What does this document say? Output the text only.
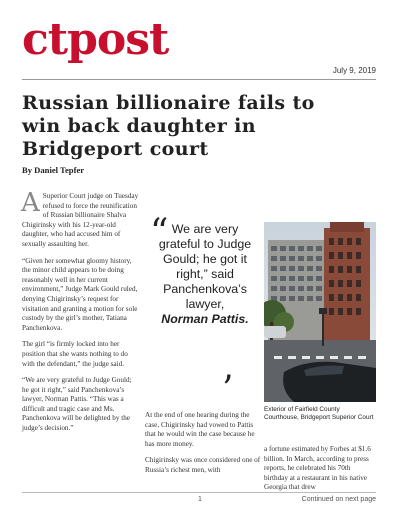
ctpost
July 9, 2019
Russian billionaire fails to win back daughter in Bridgeport court
By Daniel Tepfer

A Superior Court judge on Tuesday refused to force the reunification of Russian billionaire Shalva Chigirinsky with his 12-year-old daughter, who had accused him of sexually assaulting her.

“Given her somewhat gloomy history, the minor child appears to be doing reasonably well in her current environment,” Judge Mark Gould ruled, denying Chigirinsky’s request for visitation and granting a motion for sole custody by the girl’s mother, Tatiana Panchenkova.

The girl “is firmly locked into her position that she wants nothing to do with the defendant,” the judge said.

“We are very grateful to Judge Gould; he got it right,” said Panchenkova’s lawyer, Norman Pattis. “This was a difficult and tragic case and Ms. Panchenkova will be delighted by the judge’s decision.”

“ We are very grateful to Judge Gould; he got it right,” said Panchenkova’s lawyer,
Norman Pattis.
’

At the end of one hearing during the case, Chigirinsky had vowed to Pattis that he would win the case because he has more money.

Chigirinsky was once considered one of Russia’s richest men, with

Exterior of Fairfield County Courthouse, Bridgeport Superior Court

a fortune estimated by Forbes at $1.6 billion. In March, according to press reports, he celebrated his 70th birthday at a restaurant in his native Georgia that drew

1	Continued on next page
